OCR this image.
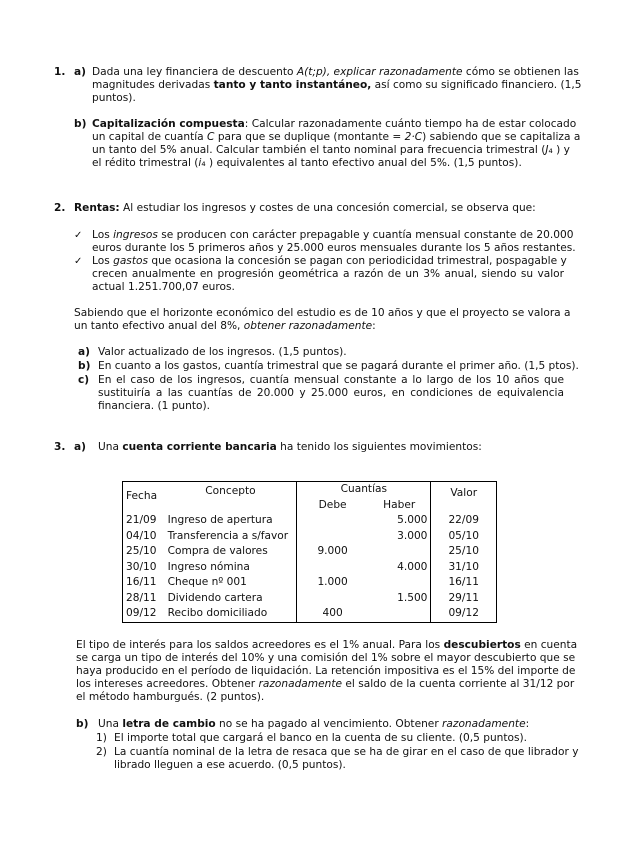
1. a) Dada una ley financiera de descuento A(t;p), explicar razonadamente cómo se obtienen las
magnitudes derivadas tanto y tanto instantáneo, así como su significado financiero. (1,5
puntos).
b) Capitalización compuesta: Calcular razonadamente cuánto tiempo ha de estar colocado
un capital de cuantía C para que se duplique (montante = 2·C) sabiendo que se capitaliza a
un tanto del 5% anual. Calcular también el tanto nominal para frecuencia trimestral (J₄ ) y
el rédito trimestral (i₄ ) equivalentes al tanto efectivo anual del 5%. (1,5 puntos).
2. Rentas: Al estudiar los ingresos y costes de una concesión comercial, se observa que:
✓ Los ingresos se producen con carácter prepagable y cuantía mensual constante de 20.000
euros durante los 5 primeros años y 25.000 euros mensuales durante los 5 años restantes.
✓ Los gastos que ocasiona la concesión se pagan con periodicidad trimestral, pospagable y
crecen anualmente en progresión geométrica a razón de un 3% anual, siendo su valor
actual 1.251.700,07 euros.
Sabiendo que el horizonte económico del estudio es de 10 años y que el proyecto se valora a
un tanto efectivo anual del 8%, obtener razonadamente:
a) Valor actualizado de los ingresos. (1,5 puntos).
b) En cuanto a los gastos, cuantía trimestral que se pagará durante el primer año. (1,5 ptos).
c) En el caso de los ingresos, cuantía mensual constante a lo largo de los 10 años que
sustituiría a las cuantías de 20.000 y 25.000 euros, en condiciones de equivalencia
financiera. (1 punto).
3. a) Una cuenta corriente bancaria ha tenido los siguientes movimientos:
Fecha	Concepto	Cuantías		Valor
		Debe	Haber	
21/09	Ingreso de apertura		5.000	22/09
04/10	Transferencia a s/favor		3.000	05/10
25/10	Compra de valores	9.000		25/10
30/10	Ingreso nómina		4.000	31/10
16/11	Cheque nº 001	1.000		16/11
28/11	Dividendo cartera		1.500	29/11
09/12	Recibo domiciliado	400		09/12
El tipo de interés para los saldos acreedores es el 1% anual. Para los descubiertos en cuenta
se carga un tipo de interés del 10% y una comisión del 1% sobre el mayor descubierto que se
haya producido en el período de liquidación. La retención impositiva es el 15% del importe de
los intereses acreedores. Obtener razonadamente el saldo de la cuenta corriente al 31/12 por
el método hamburgués. (2 puntos).
b) Una letra de cambio no se ha pagado al vencimiento. Obtener razonadamente:
1) El importe total que cargará el banco en la cuenta de su cliente. (0,5 puntos).
2) La cuantía nominal de la letra de resaca que se ha de girar en el caso de que librador y
librado lleguen a ese acuerdo. (0,5 puntos).
